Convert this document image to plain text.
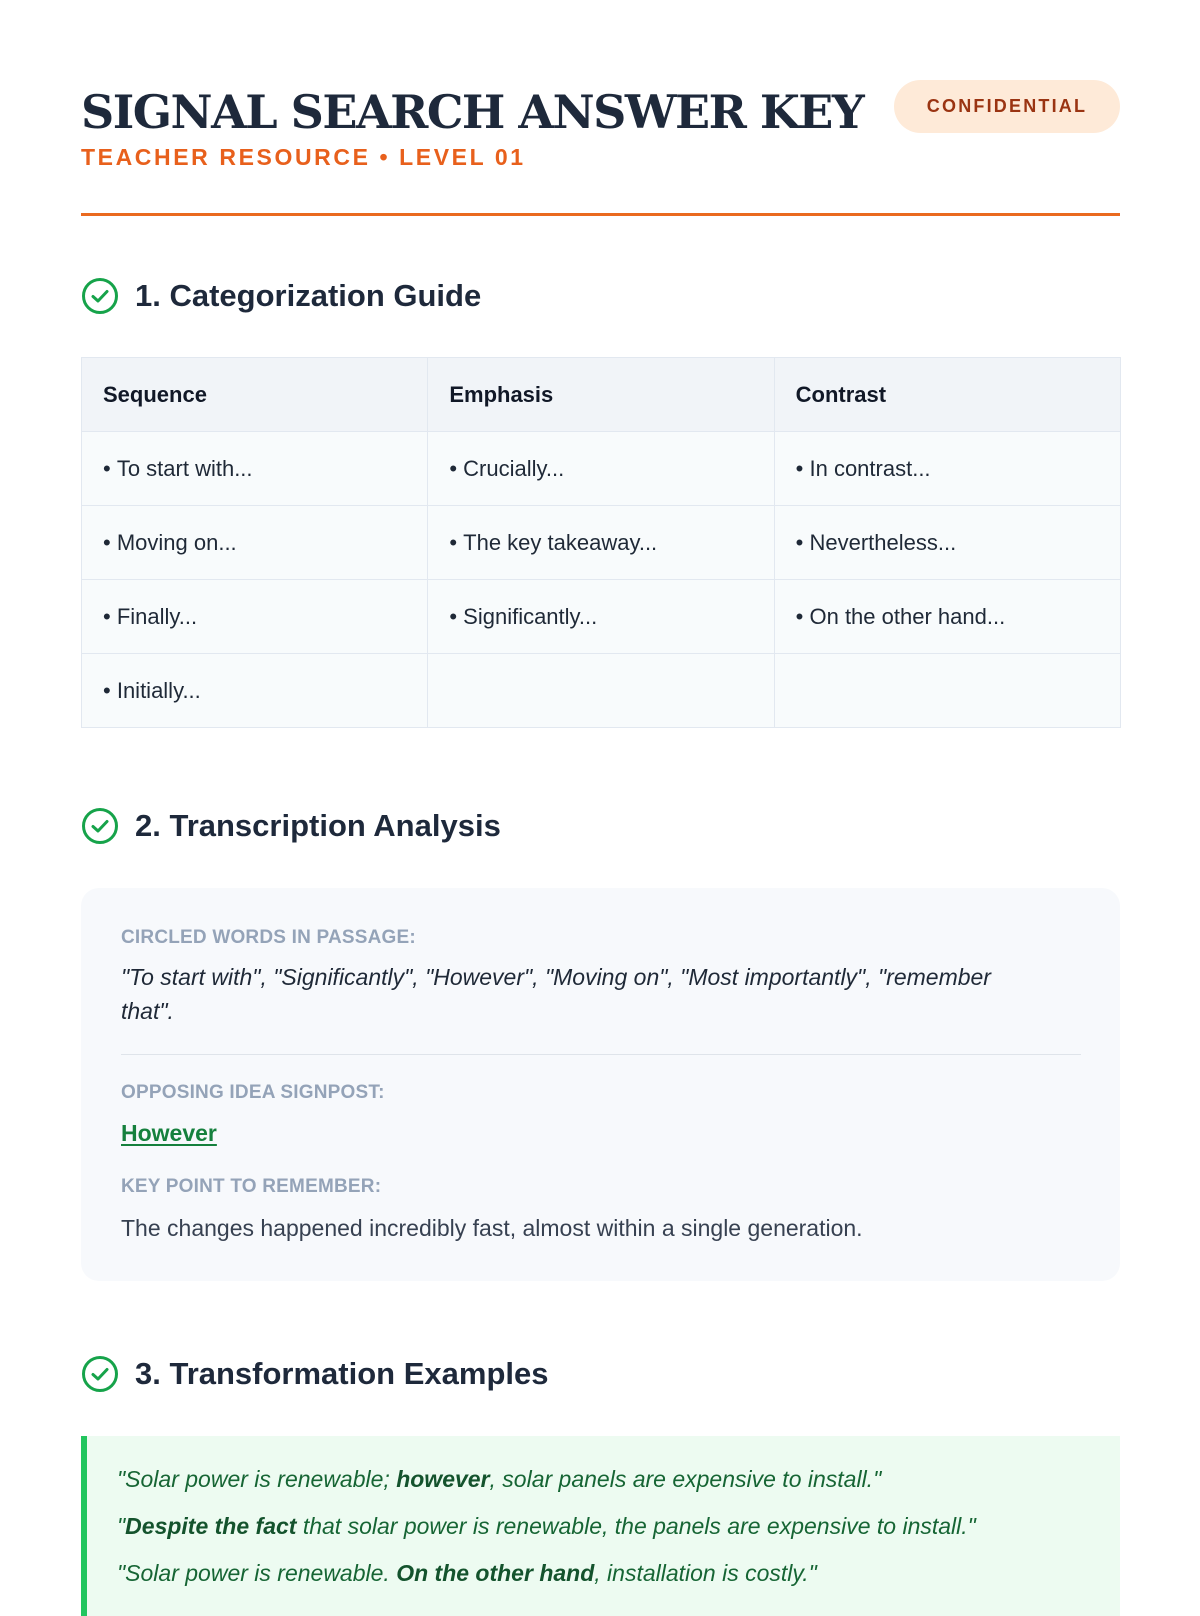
SIGNAL SEARCH ANSWER KEY
TEACHER RESOURCE • LEVEL 01
CONFIDENTIAL
1. Categorization Guide
Sequence	Emphasis	Contrast
• To start with...	• Crucially...	• In contrast...
• Moving on...	• The key takeaway...	• Nevertheless...
• Finally...	• Significantly...	• On the other hand...
• Initially...		
2. Transcription Analysis
CIRCLED WORDS IN PASSAGE:
"To start with", "Significantly", "However", "Moving on", "Most importantly", "remember that".
OPPOSING IDEA SIGNPOST:
However
KEY POINT TO REMEMBER:
The changes happened incredibly fast, almost within a single generation.
3. Transformation Examples
"Solar power is renewable; however, solar panels are expensive to install."
"Despite the fact that solar power is renewable, the panels are expensive to install."
"Solar power is renewable. On the other hand, installation is costly."
